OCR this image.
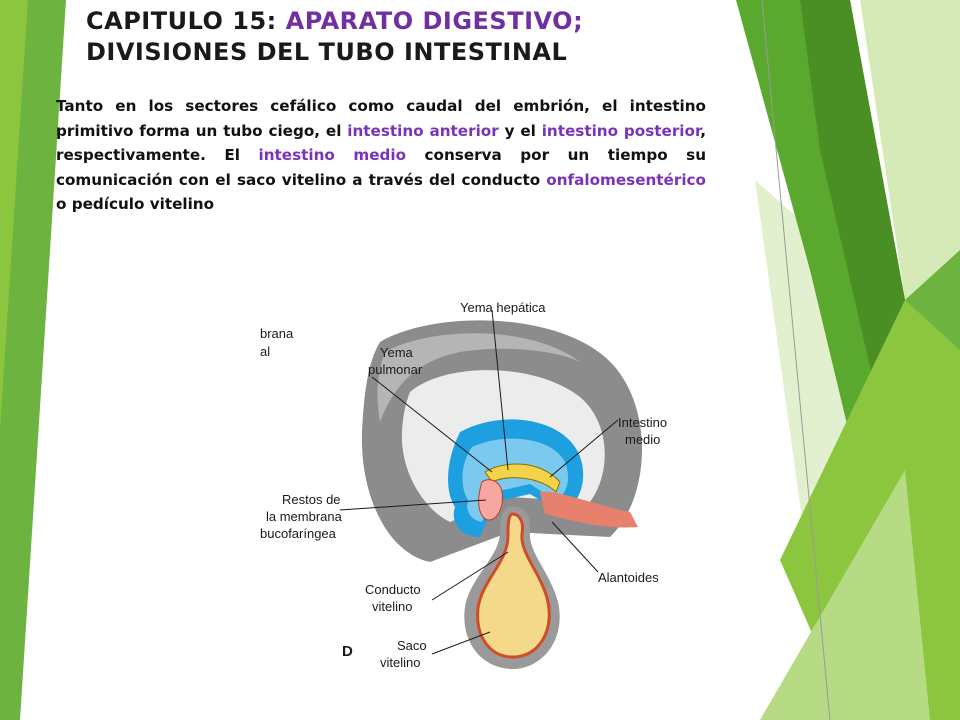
CAPITULO 15: APARATO DIGESTIVO;
DIVISIONES DEL TUBO INTESTINAL
Tanto en los sectores cefálico como caudal del embrión, el intestino primitivo forma un tubo ciego, el intestino anterior y el intestino posterior, respectivamente. El intestino medio conserva por un tiempo su comunicación con el saco vitelino a través del conducto onfalomesentérico o pedículo vitelino
brana
al
Yema hepática
Yema
pulmonar
Intestino
medio
Restos de
la membrana
bucofaríngea
Alantoides
Conducto
vitelino
Saco
vitelino
D
